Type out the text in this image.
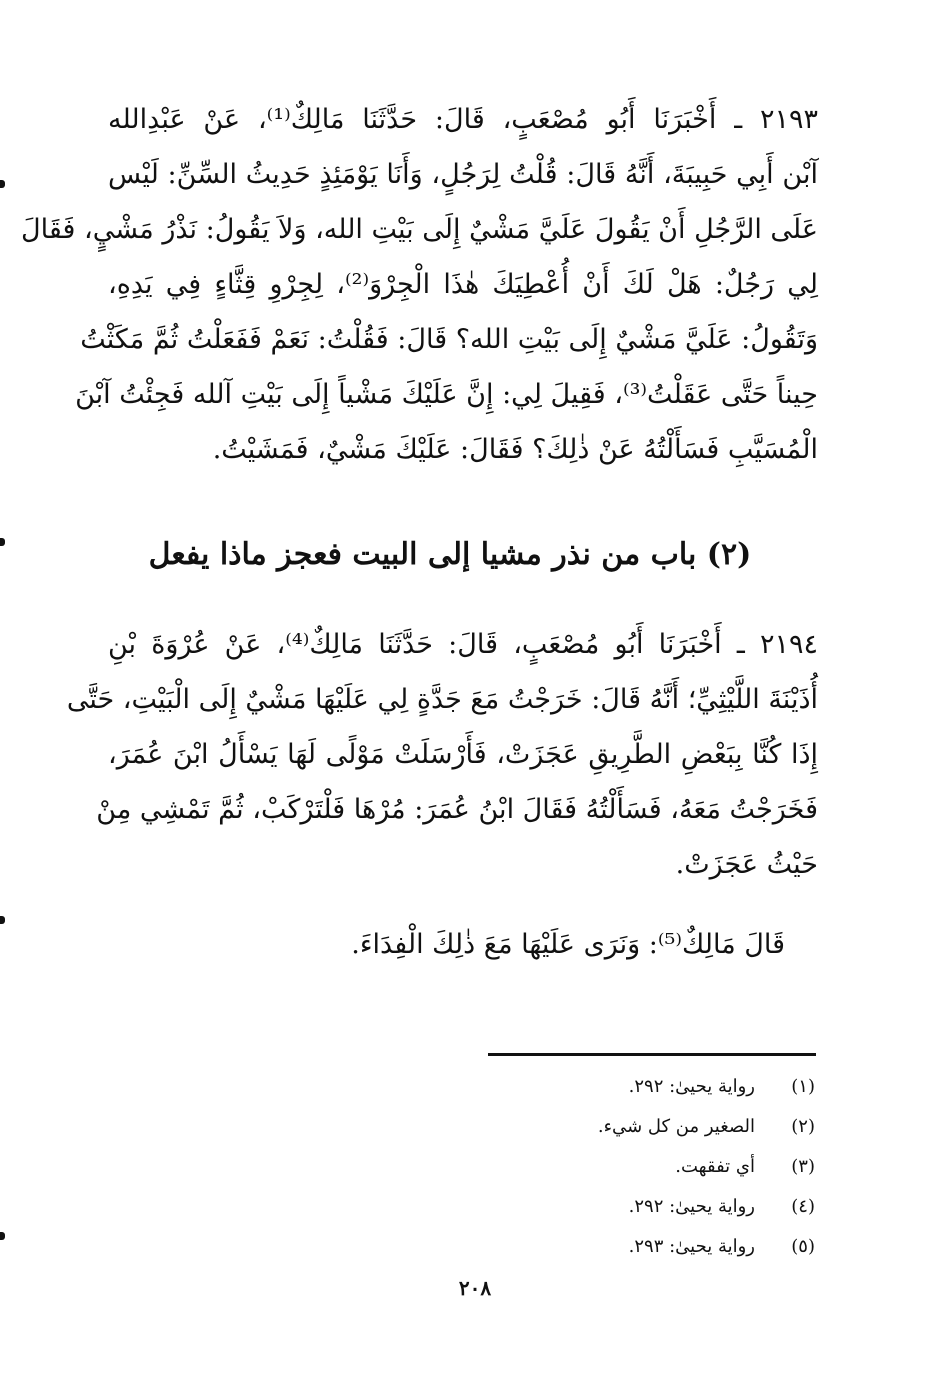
٢١٩٣ ـ أَخْبَرَنَا أَبُو مُصْعَبٍ، قَالَ: حَدَّثَنَا مَالِكٌ⁽¹⁾، عَنْ عَبْدِالله
آبْن أَبِي حَبِيبَةَ، أَنَّهُ قَالَ: قُلْتُ لِرَجُلٍ، وَأَنَا يَوْمَئِذٍ حَدِيثُ السِّنِّ: لَيْس
عَلَى الرَّجُلِ أَنْ يَقُولَ عَلَيَّ مَشْيٌ إِلَى بَيْتِ الله، وَلاَ يَقُولُ: نَذْرُ مَشْيٍ، فَقَالَ
لِي رَجُلٌ: هَلْ لَكَ أَنْ أُعْطِيَكَ هٰذَا الْجِرْوَ⁽²⁾، لِجِرْوِ قِثَّاءٍ فِي يَدِهِ،
وَتَقُولُ: عَلَيَّ مَشْيٌ إِلَى بَيْتِ الله؟ قَالَ: فَقُلْتُ: نَعَمْ فَفَعَلْتُ ثُمَّ مَكَثْتُ
حِيناً حَتَّى عَقَلْتُ⁽³⁾، فَقِيلَ لِي: إِنَّ عَلَيْكَ مَشْياً إِلَى بَيْتِ آلله فَجِئْتُ آبْنَ
الْمُسَيَّبِ فَسَأَلْتُهُ عَنْ ذٰلِكَ؟ فَقَالَ: عَلَيْكَ مَشْيٌ، فَمَشَيْتُ.
(٢) باب من نذر مشيا إلى البيت فعجز ماذا يفعل
٢١٩٤ ـ أَخْبَرَنَا أَبُو مُصْعَبٍ، قَالَ: حَدَّثَنَا مَالِكٌ⁽⁴⁾، عَنْ عُرْوَةَ بْنِ
أُذَيْنَةَ اللَّيْثِيِّ؛ أَنَّهُ قَالَ: خَرَجْتُ مَعَ جَدَّةٍ لِي عَلَيْهَا مَشْيٌ إِلَى الْبَيْتِ، حَتَّى
إِذَا كُنَّا بِبَعْضِ الطَّرِيقِ عَجَزَتْ، فَأَرْسَلَتْ مَوْلًى لَهَا يَسْأَلُ ابْنَ عُمَرَ،
فَخَرَجْتُ مَعَهُ، فَسَأَلْتُهُ فَقَالَ ابْنُ عُمَرَ: مُرْهَا فَلْتَرْكَبْ، ثُمَّ تَمْشِي مِنْ
حَيْثُ عَجَزَتْ.
قَالَ مَالِكٌ⁽⁵⁾: وَنَرَى عَلَيْهَا مَعَ ذٰلِكَ الْفِدَاءَ.
(١)رواية يحيىٰ: ٢٩٢.
(٢)الصغير من كل شيء.
(٣)أي تفقهت.
(٤)رواية يحيىٰ: ٢٩٢.
(٥)رواية يحيىٰ: ٢٩٣.
٢٠٨
